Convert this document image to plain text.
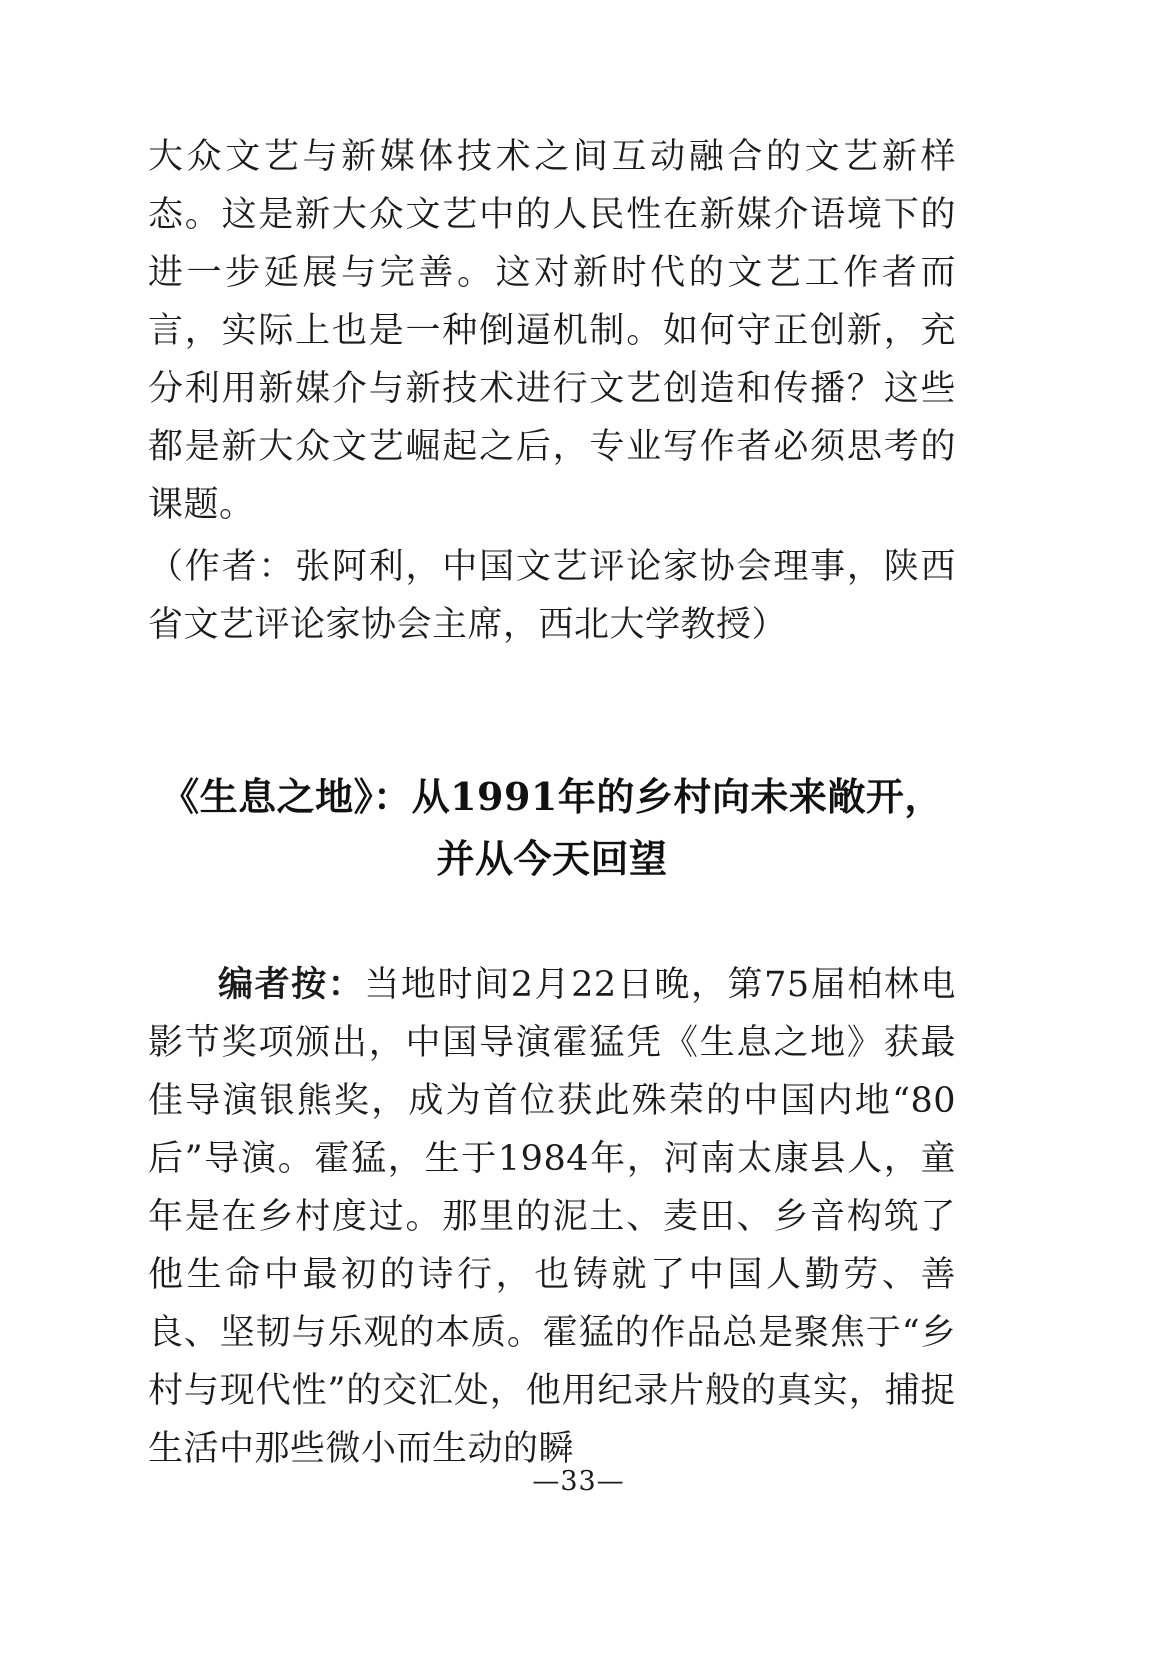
大众文艺与新媒体技术之间互动融合的文艺新样态。这是新大众文艺中的人民性在新媒介语境下的进一步延展与完善。这对新时代的文艺工作者而言，实际上也是一种倒逼机制。如何守正创新，充分利用新媒介与新技术进行文艺创造和传播？这些都是新大众文艺崛起之后，专业写作者必须思考的课题。

（作者：张阿利，中国文艺评论家协会理事，陕西省文艺评论家协会主席，西北大学教授）

《生息之地》：从1991年的乡村向未来敞开，
并从今天回望

编者按：当地时间2月22日晚，第75届柏林电影节奖项颁出，中国导演霍猛凭《生息之地》获最佳导演银熊奖，成为首位获此殊荣的中国内地“80后”导演。霍猛，生于1984年，河南太康县人，童年是在乡村度过。那里的泥土、麦田、乡音构筑了他生命中最初的诗行，也铸就了中国人勤劳、善良、坚韧与乐观的本质。霍猛的作品总是聚焦于“乡村与现代性”的交汇处，他用纪录片般的真实，捕捉生活中那些微小而生动的瞬

—33—
